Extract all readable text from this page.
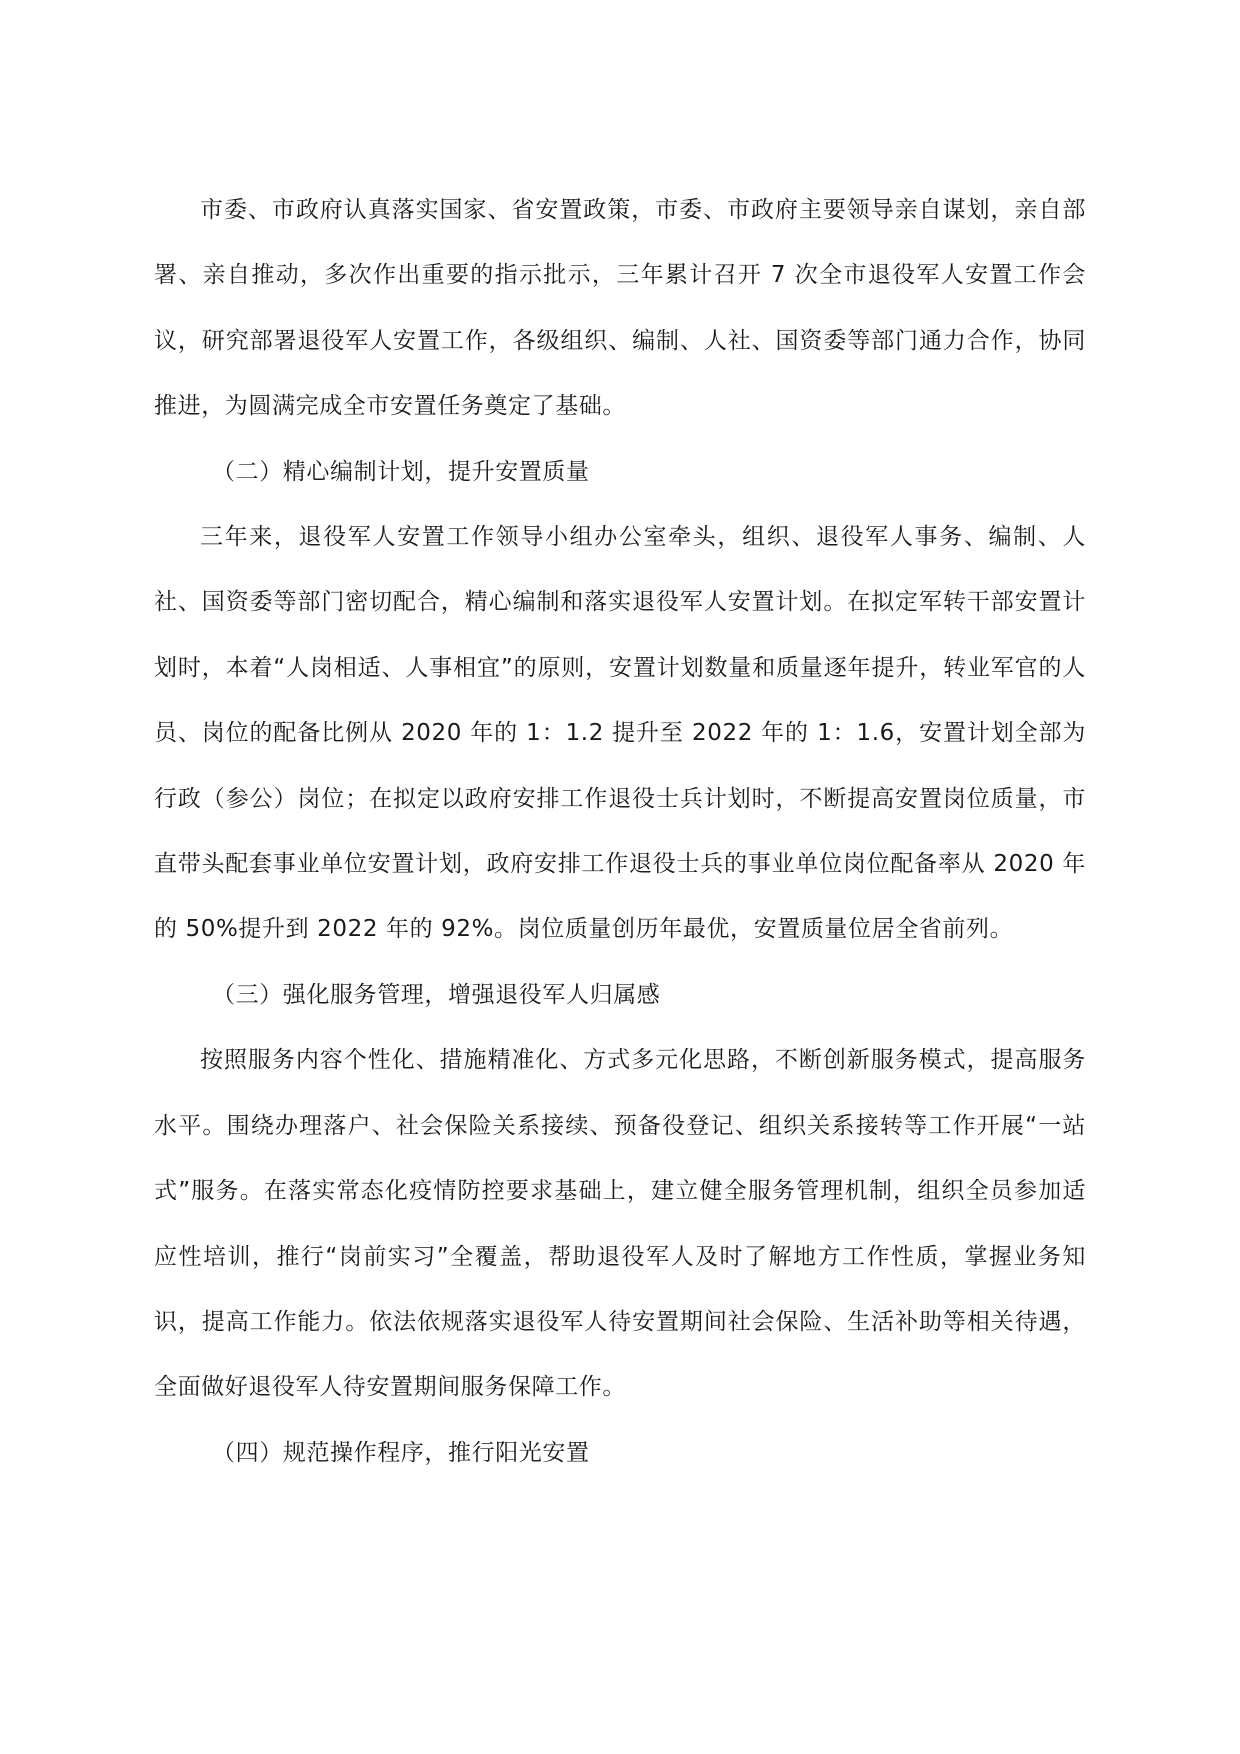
市委、市政府认真落实国家、省安置政策，市委、市政府主要领导亲自谋划，亲自部署、亲自推动，多次作出重要的指示批示，三年累计召开 7 次全市退役军人安置工作会议，研究部署退役军人安置工作，各级组织、编制、人社、国资委等部门通力合作，协同推进，为圆满完成全市安置任务奠定了基础。

（二）精心编制计划，提升安置质量

三年来，退役军人安置工作领导小组办公室牵头，组织、退役军人事务、编制、人社、国资委等部门密切配合，精心编制和落实退役军人安置计划。在拟定军转干部安置计划时，本着“人岗相适、人事相宜”的原则，安置计划数量和质量逐年提升，转业军官的人员、岗位的配备比例从 2020 年的 1：1.2 提升至 2022 年的 1：1.6，安置计划全部为行政（参公）岗位；在拟定以政府安排工作退役士兵计划时，不断提高安置岗位质量，市直带头配套事业单位安置计划，政府安排工作退役士兵的事业单位岗位配备率从 2020 年的 50%提升到 2022 年的 92%。岗位质量创历年最优，安置质量位居全省前列。

（三）强化服务管理，增强退役军人归属感

按照服务内容个性化、措施精准化、方式多元化思路，不断创新服务模式，提高服务水平。围绕办理落户、社会保险关系接续、预备役登记、组织关系接转等工作开展“一站式”服务。在落实常态化疫情防控要求基础上，建立健全服务管理机制，组织全员参加适应性培训，推行“岗前实习”全覆盖，帮助退役军人及时了解地方工作性质，掌握业务知识，提高工作能力。依法依规落实退役军人待安置期间社会保险、生活补助等相关待遇，全面做好退役军人待安置期间服务保障工作。

（四）规范操作程序，推行阳光安置
